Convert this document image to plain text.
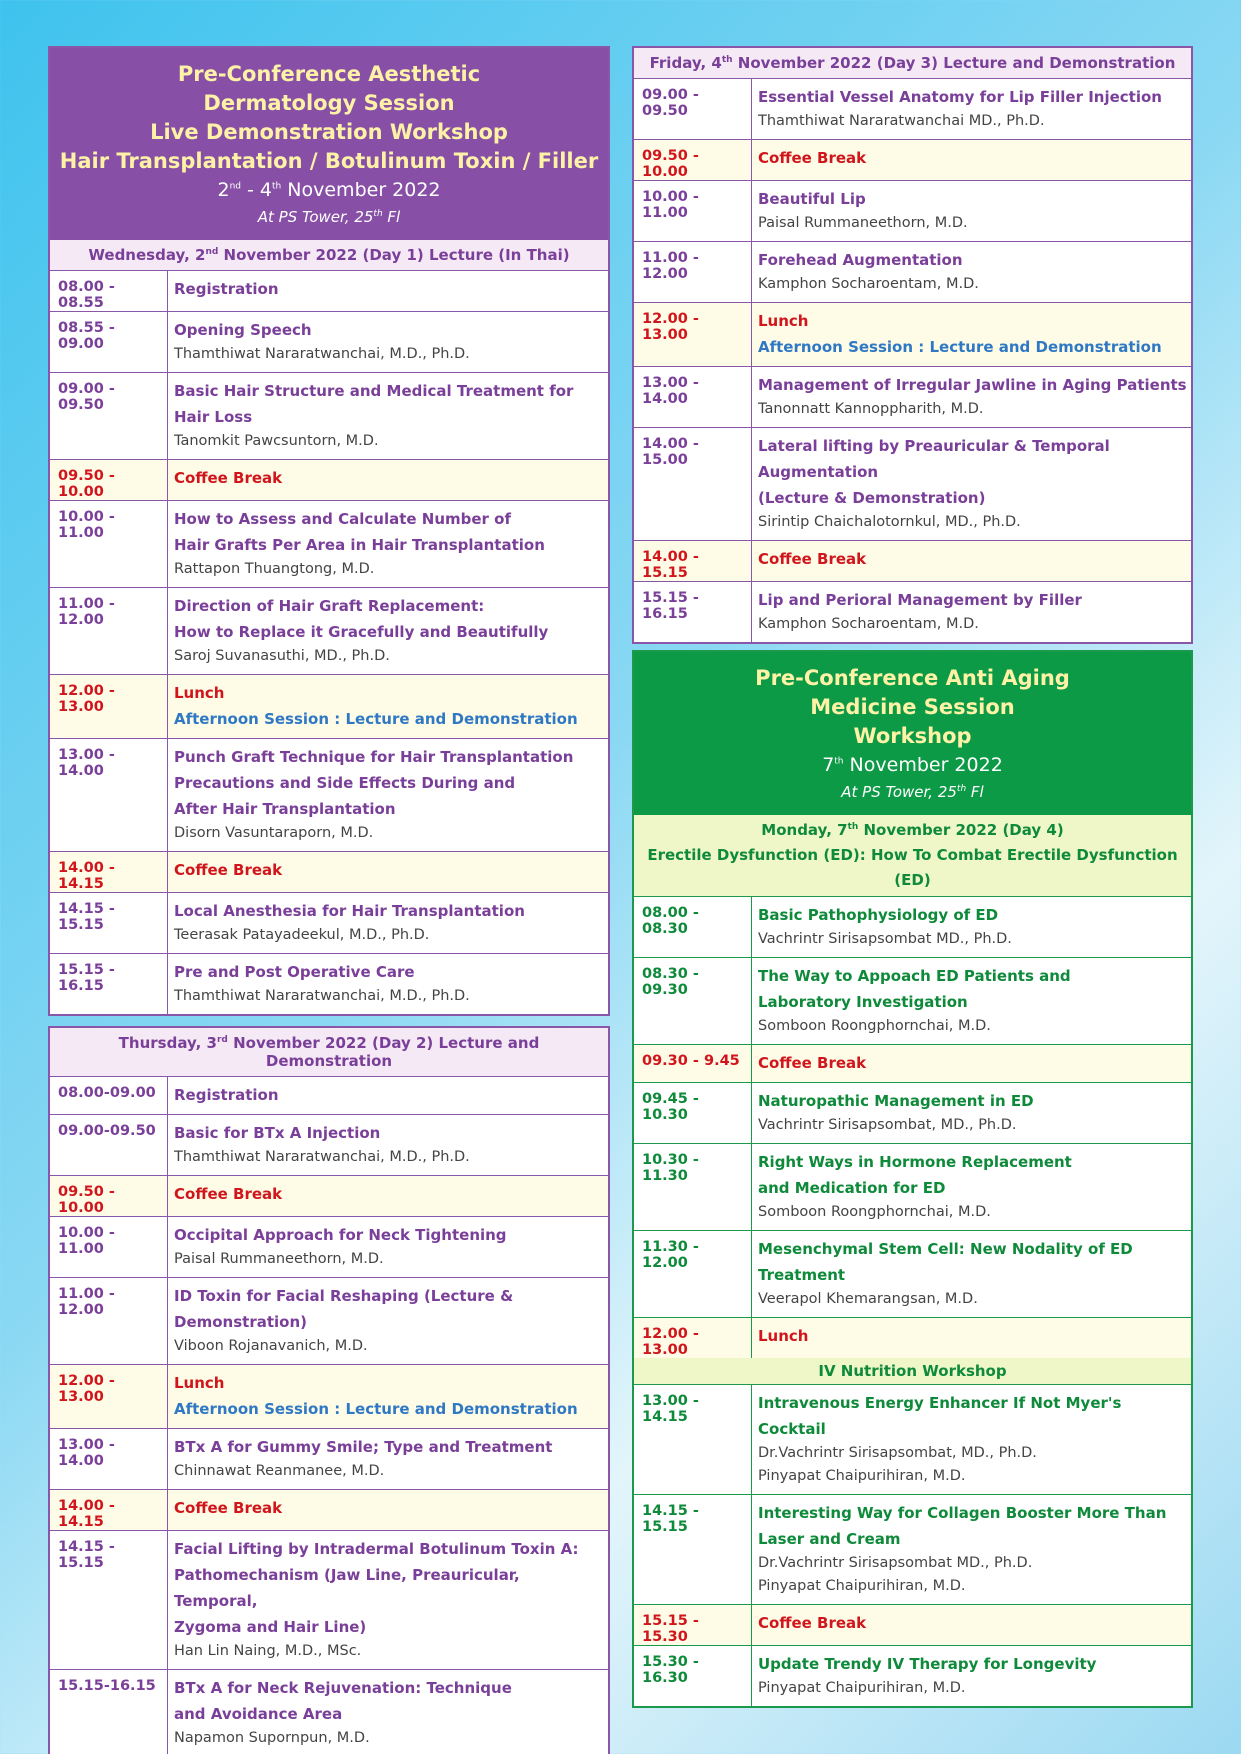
Pre-Conference Aesthetic
Dermatology Session
Live Demonstration Workshop
Hair Transplantation / Botulinum Toxin / Filler
2nd - 4th November 2022
At PS Tower, 25th Fl
Wednesday, 2nd November 2022 (Day 1) Lecture (In Thai)
08.00 - 08.55
Registration
08.55 - 09.00
Opening Speech
Thamthiwat Nararatwanchai, M.D., Ph.D.
09.00 - 09.50
Basic Hair Structure and Medical Treatment for
Hair Loss
Tanomkit Pawcsuntorn, M.D.
09.50 - 10.00
Coffee Break
10.00 - 11.00
How to Assess and Calculate Number of
Hair Grafts Per Area in Hair Transplantation
Rattapon Thuangtong, M.D.
11.00 - 12.00
Direction of Hair Graft Replacement:
How to Replace it Gracefully and Beautifully
Saroj Suvanasuthi, MD., Ph.D.
12.00 - 13.00
Lunch
Afternoon Session : Lecture and Demonstration
13.00 - 14.00
Punch Graft Technique for Hair Transplantation
Precautions and Side Effects During and
After Hair Transplantation
Disorn Vasuntaraporn, M.D.
14.00 - 14.15
Coffee Break
14.15 - 15.15
Local Anesthesia for Hair Transplantation
Teerasak Patayadeekul, M.D., Ph.D.
15.15 - 16.15
Pre and Post Operative Care
Thamthiwat Nararatwanchai, M.D., Ph.D.
Thursday, 3rd November 2022 (Day 2) Lecture and Demonstration
08.00-09.00	Registration
09.00-09.50	Basic for BTx A Injection
Thamthiwat Nararatwanchai, M.D., Ph.D.
09.50 - 10.00
Coffee Break
10.00 - 11.00
Occipital Approach for Neck Tightening
Paisal Rummaneethorn, M.D.
11.00 - 12.00
ID Toxin for Facial Reshaping (Lecture & Demonstration)
Viboon Rojanavanich, M.D.
12.00 - 13.00
Lunch
Afternoon Session : Lecture and Demonstration
13.00 - 14.00
BTx A for Gummy Smile; Type and Treatment
Chinnawat Reanmanee, M.D.
14.00 - 14.15
Coffee Break
14.15 - 15.15
Facial Lifting by Intradermal Botulinum Toxin A:
Pathomechanism (Jaw Line, Preauricular, Temporal,
Zygoma and Hair Line)
Han Lin Naing, M.D., MSc.
15.15-16.15	BTx A for Neck Rejuvenation: Technique
and Avoidance Area
Napamon Supornpun, M.D.
Friday, 4th November 2022 (Day 3) Lecture and Demonstration
09.00 - 09.50
Essential Vessel Anatomy for Lip Filler Injection
Thamthiwat Nararatwanchai MD., Ph.D.
09.50 - 10.00
Coffee Break
10.00 - 11.00
Beautiful Lip
Paisal Rummaneethorn, M.D.
11.00 - 12.00
Forehead Augmentation
Kamphon Socharoentam, M.D.
12.00 - 13.00
Lunch
Afternoon Session : Lecture and Demonstration
13.00 - 14.00
Management of Irregular Jawline in Aging Patients
Tanonnatt Kannoppharith, M.D.
14.00 - 15.00
Lateral lifting by Preauricular & Temporal Augmentation
(Lecture & Demonstration)
Sirintip Chaichalotornkul, MD., Ph.D.
14.00 - 15.15
Coffee Break
15.15 - 16.15
Lip and Perioral Management by Filler
Kamphon Socharoentam, M.D.
Pre-Conference Anti Aging
Medicine Session
Workshop
7th November 2022
At PS Tower, 25th Fl
Monday, 7th November 2022 (Day 4)
Erectile Dysfunction (ED): How To Combat Erectile Dysfunction (ED)
08.00 - 08.30
Basic Pathophysiology of ED
Vachrintr Sirisapsombat MD., Ph.D.
08.30 - 09.30
The Way to Appoach ED Patients and
Laboratory Investigation
Somboon Roongphornchai, M.D.
09.30 - 9.45	Coffee Break
09.45 - 10.30
Naturopathic Management in ED
Vachrintr Sirisapsombat, MD., Ph.D.
10.30 - 11.30
Right Ways in Hormone Replacement
and Medication for ED
Somboon Roongphornchai, M.D.
11.30 - 12.00
Mesenchymal Stem Cell: New Nodality of ED Treatment
Veerapol Khemarangsan, M.D.
12.00 - 13.00
Lunch
IV Nutrition Workshop
13.00 - 14.15
Intravenous Energy Enhancer If Not Myer's Cocktail
Dr.Vachrintr Sirisapsombat, MD., Ph.D.
Pinyapat Chaipurihiran, M.D.
14.15 - 15.15
Interesting Way for Collagen Booster More Than
Laser and Cream
Dr.Vachrintr Sirisapsombat MD., Ph.D.
Pinyapat Chaipurihiran, M.D.
15.15 - 15.30
Coffee Break
15.30 - 16.30
Update Trendy IV Therapy for Longevity
Pinyapat Chaipurihiran, M.D.
